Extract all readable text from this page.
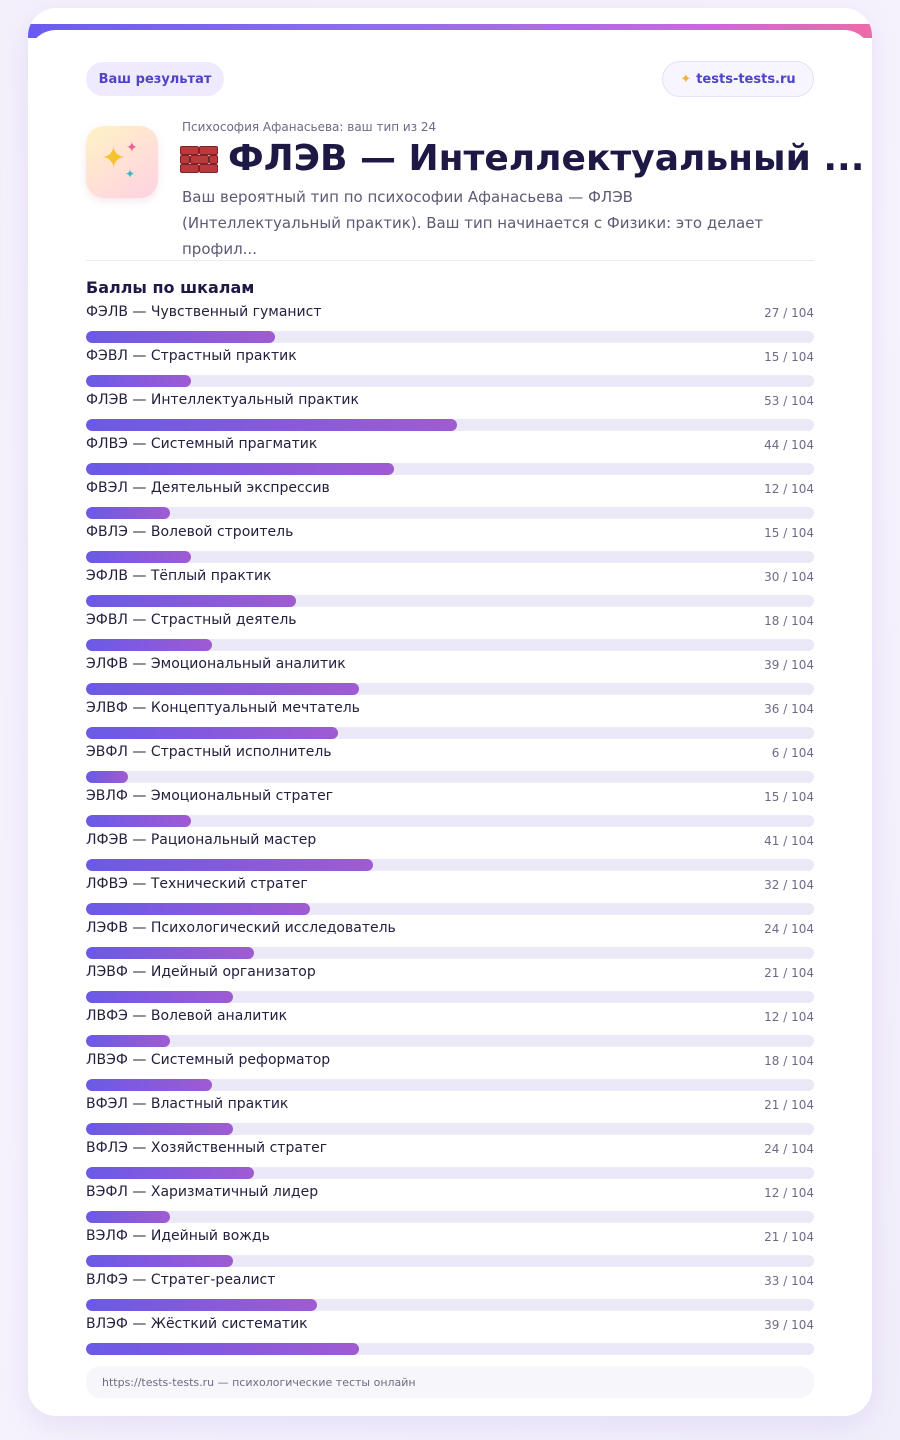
Ваш результат	✦ tests-tests.ru
✦ ✦
✦
Психософия Афанасьева: ваш тип из 24
ФЛЭВ — Интеллектуальный ...
Ваш вероятный тип по психософии Афанасьева — ФЛЭВ (Интеллектуальный практик). Ваш тип начинается с Физики: это делает профил...
Баллы по шкалам
ФЭЛВ — Чувственный гуманист	27 / 104
ФЭВЛ — Страстный практик	15 / 104
ФЛЭВ — Интеллектуальный практик	53 / 104
ФЛВЭ — Системный прагматик	44 / 104
ФВЭЛ — Деятельный экспрессив	12 / 104
ФВЛЭ — Волевой строитель	15 / 104
ЭФЛВ — Тёплый практик	30 / 104
ЭФВЛ — Страстный деятель	18 / 104
ЭЛФВ — Эмоциональный аналитик	39 / 104
ЭЛВФ — Концептуальный мечтатель	36 / 104
ЭВФЛ — Страстный исполнитель	6 / 104
ЭВЛФ — Эмоциональный стратег	15 / 104
ЛФЭВ — Рациональный мастер	41 / 104
ЛФВЭ — Технический стратег	32 / 104
ЛЭФВ — Психологический исследователь	24 / 104
ЛЭВФ — Идейный организатор	21 / 104
ЛВФЭ — Волевой аналитик	12 / 104
ЛВЭФ — Системный реформатор	18 / 104
ВФЭЛ — Властный практик	21 / 104
ВФЛЭ — Хозяйственный стратег	24 / 104
ВЭФЛ — Харизматичный лидер	12 / 104
ВЭЛФ — Идейный вождь	21 / 104
ВЛФЭ — Стратег-реалист	33 / 104
ВЛЭФ — Жёсткий систематик	39 / 104
https://tests-tests.ru — психологические тесты онлайн
